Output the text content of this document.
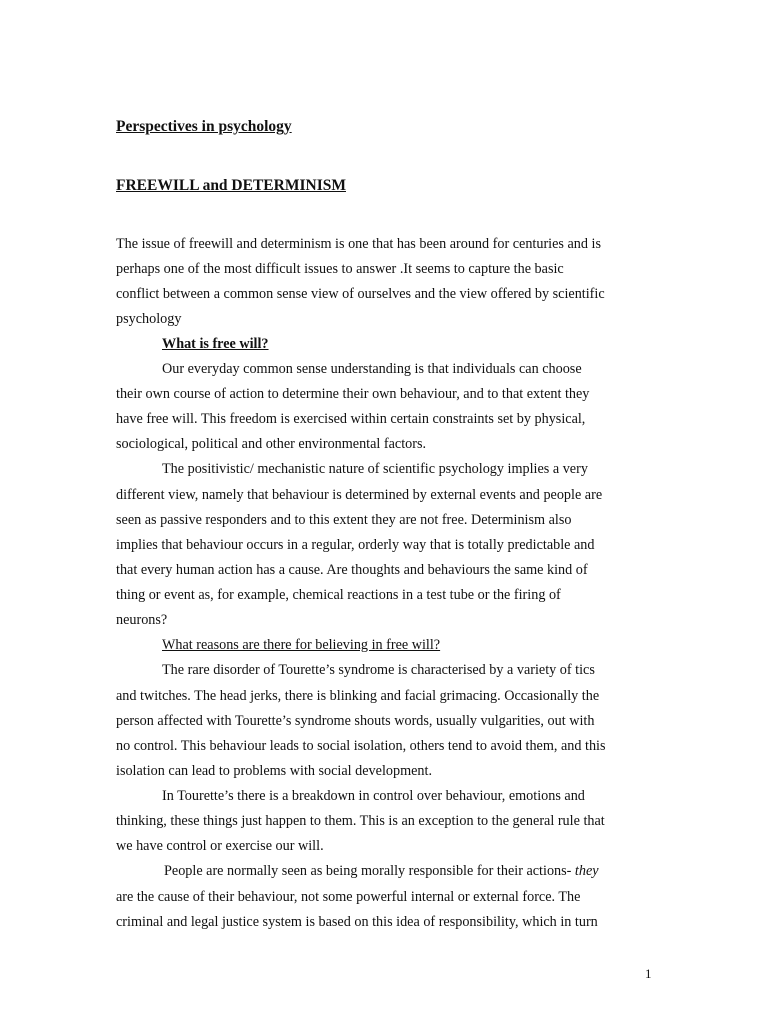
Perspectives in psychology
FREEWILL and DETERMINISM
The issue of freewill and determinism is one that has been around for centuries and is
perhaps one of the most difficult issues to answer .It seems to capture the basic
conflict between a common sense view of ourselves and the view offered by scientific
psychology
What is free will?
Our everyday common sense understanding is that individuals can choose
their own course of action to determine their own behaviour, and to that extent they
have free will. This freedom is exercised within certain constraints set by physical,
sociological, political and other environmental factors.
The positivistic/ mechanistic nature of scientific psychology implies a very
different view, namely that behaviour is determined by external events and people are
seen as passive responders and to this extent they are not free. Determinism also
implies that behaviour occurs in a regular, orderly way that is totally predictable and
that every human action has a cause. Are thoughts and behaviours the same kind of
thing or event as, for example, chemical reactions in a test tube or the firing of
neurons?
What reasons are there for believing in free will?
The rare disorder of Tourette’s syndrome is characterised by a variety of tics
and twitches. The head jerks, there is blinking and facial grimacing. Occasionally the
person affected with Tourette’s syndrome shouts words, usually vulgarities, out with
no control. This behaviour leads to social isolation, others tend to avoid them, and this
isolation can lead to problems with social development.
In Tourette’s there is a breakdown in control over behaviour, emotions and
thinking, these things just happen to them. This is an exception to the general rule that
we have control or exercise our will.
People are normally seen as being morally responsible for their actions- they
are the cause of their behaviour, not some powerful internal or external force. The
criminal and legal justice system is based on this idea of responsibility, which in turn
1
